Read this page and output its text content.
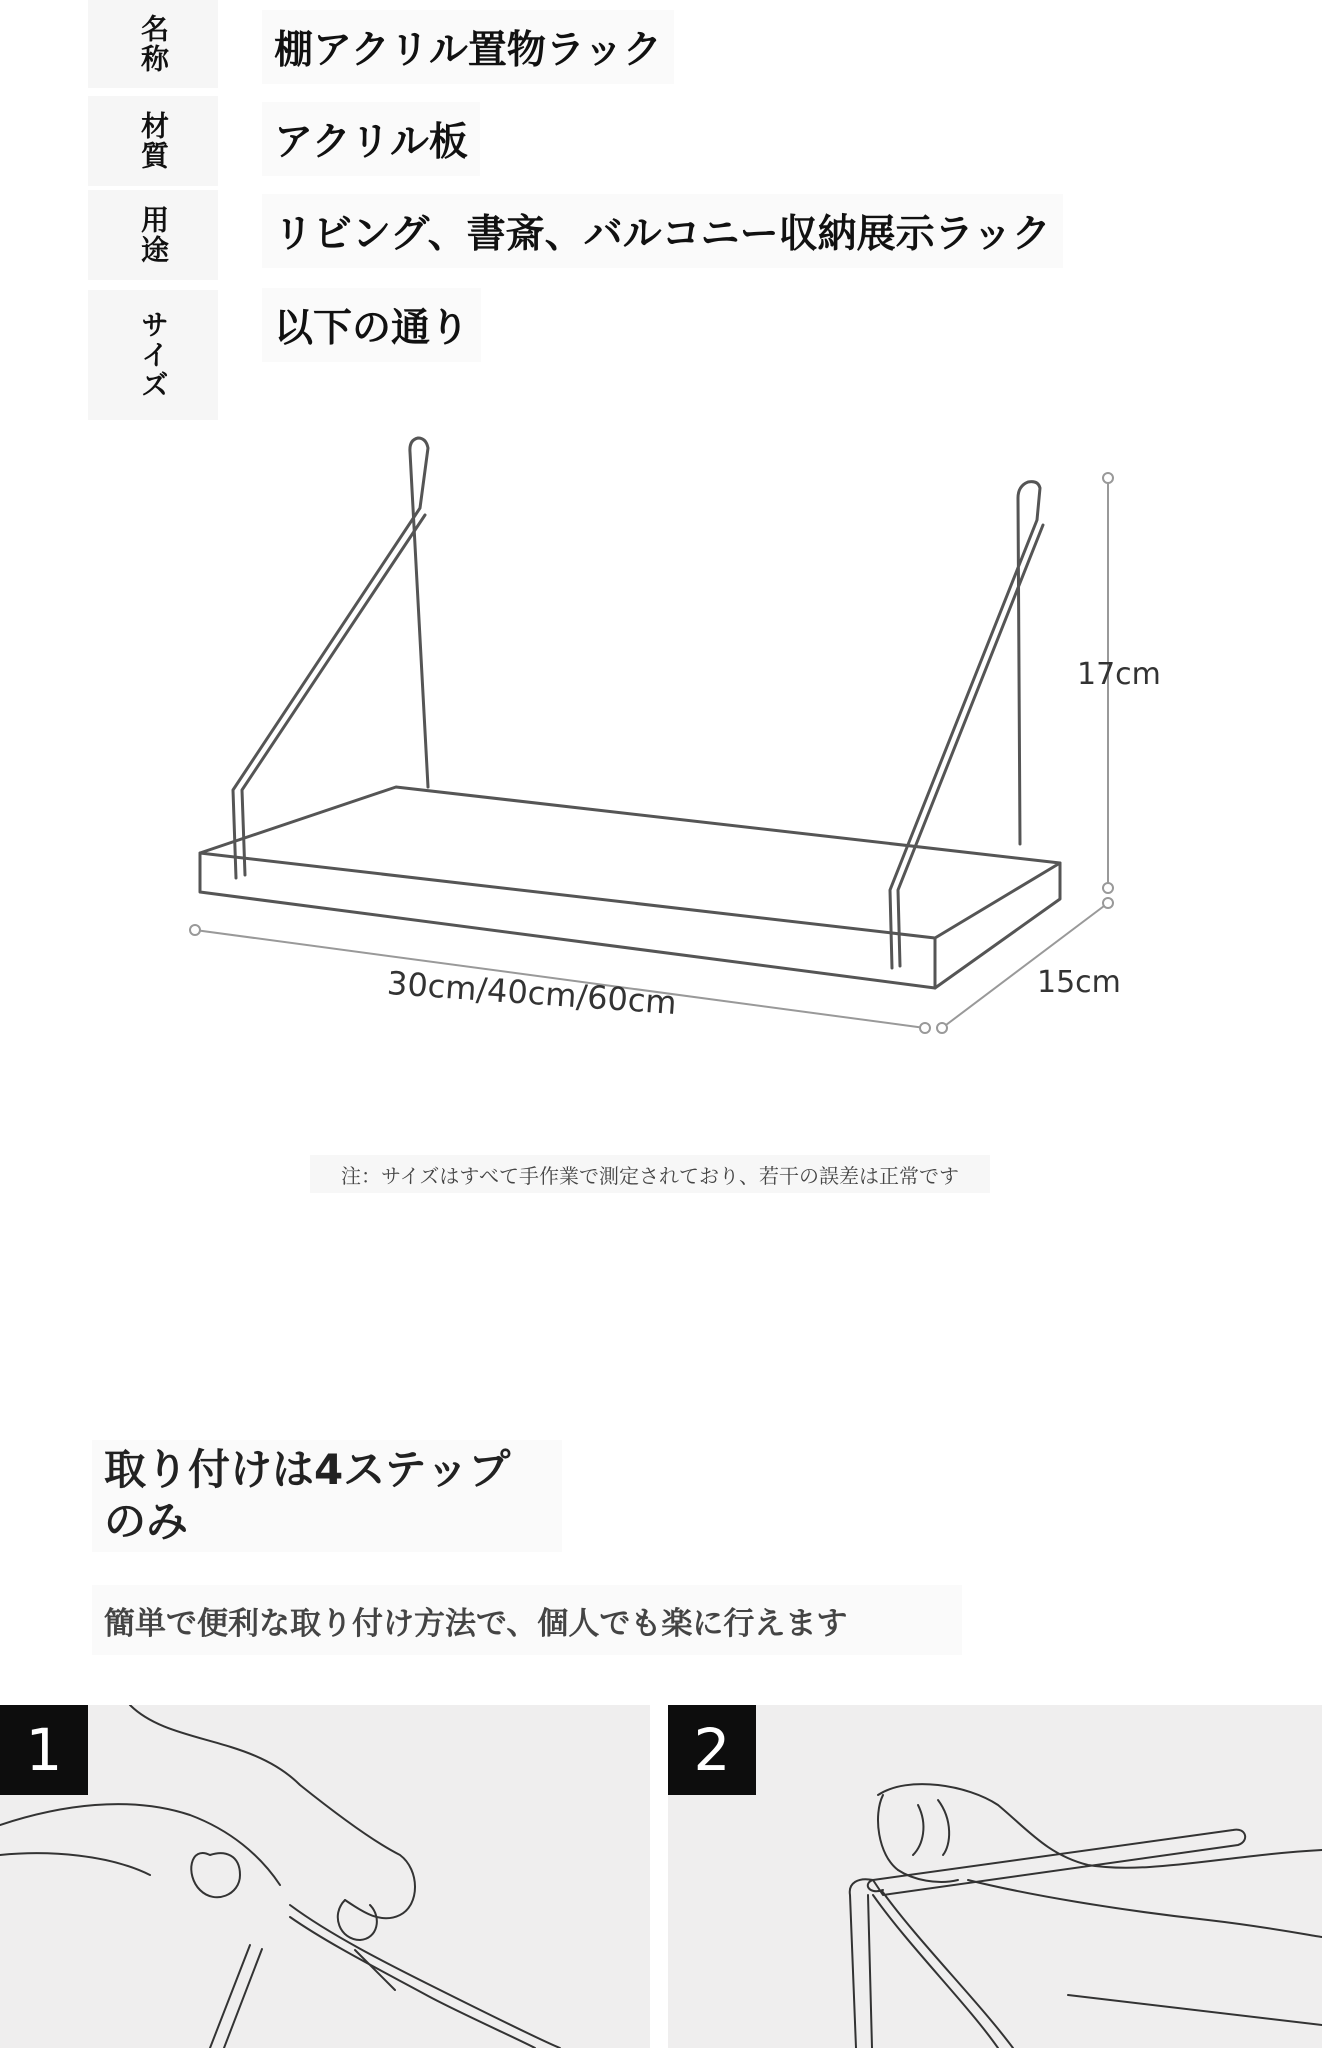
名称	棚アクリル置物ラック
材質	アクリル板
用途	リビング、書斎、バルコニー収納展示ラック
サイズ	以下の通り
17cm
15cm
30cm/40cm/60cm
注：サイズはすべて手作業で測定されており、若干の誤差は正常です
取り付けは4ステップ
のみ
簡単で便利な取り付け方法で、個人でも楽に行えます
1	2
